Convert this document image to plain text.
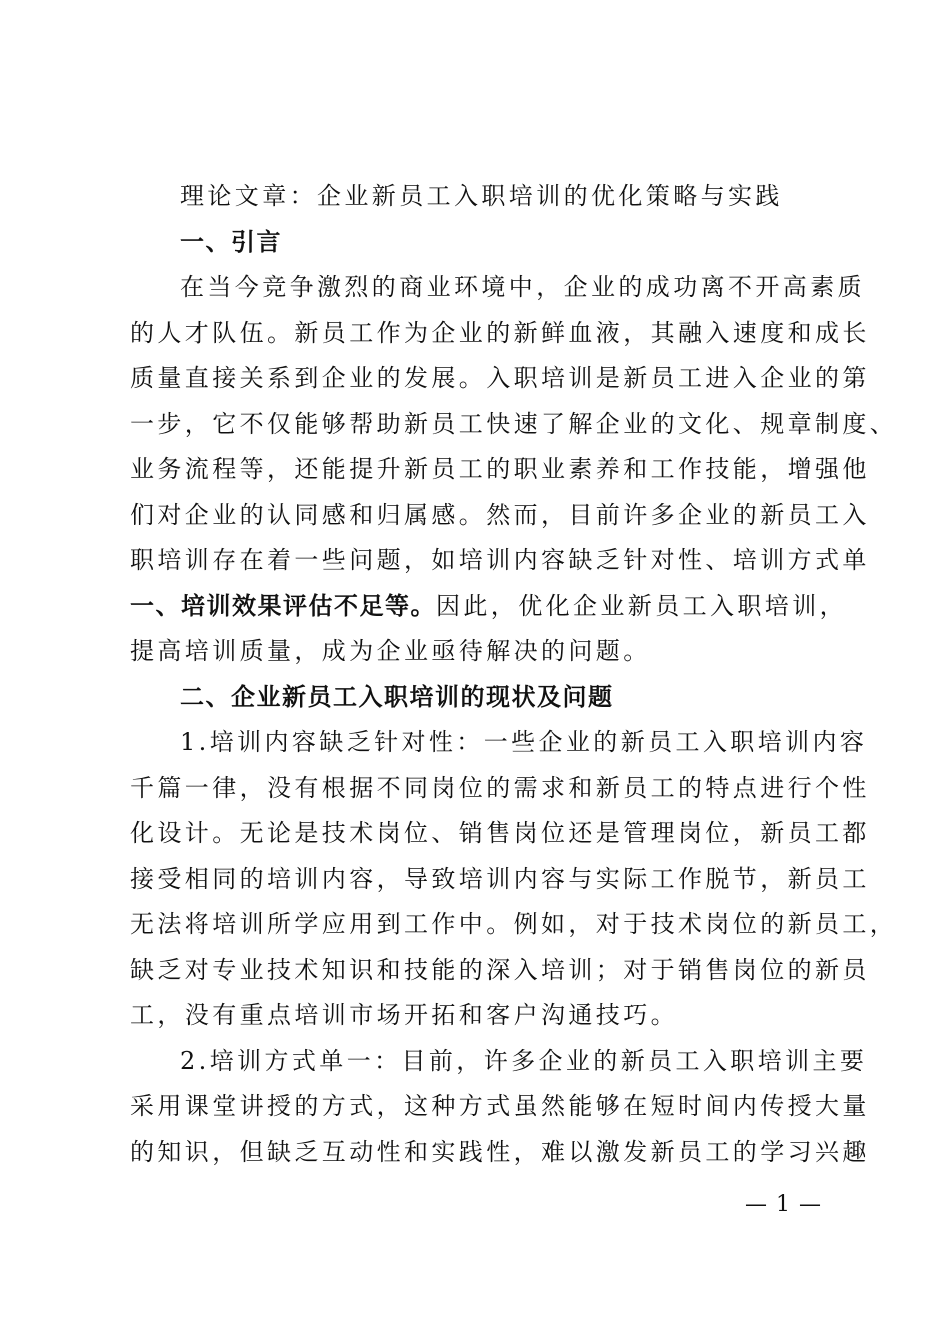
理论文章：企业新员工入职培训的优化策略与实践

一、引言

在当今竞争激烈的商业环境中，企业的成功离不开高素质
的人才队伍。新员工作为企业的新鲜血液，其融入速度和成长
质量直接关系到企业的发展。入职培训是新员工进入企业的第
一步，它不仅能够帮助新员工快速了解企业的文化、规章制度、
业务流程等，还能提升新员工的职业素养和工作技能，增强他
们对企业的认同感和归属感。然而，目前许多企业的新员工入
职培训存在着一些问题，如培训内容缺乏针对性、培训方式单
一、培训效果评估不足等。因此，优化企业新员工入职培训，
提高培训质量，成为企业亟待解决的问题。

二、企业新员工入职培训的现状及问题

1.培训内容缺乏针对性：一些企业的新员工入职培训内容
千篇一律，没有根据不同岗位的需求和新员工的特点进行个性
化设计。无论是技术岗位、销售岗位还是管理岗位，新员工都
接受相同的培训内容，导致培训内容与实际工作脱节，新员工
无法将培训所学应用到工作中。例如，对于技术岗位的新员工，
缺乏对专业技术知识和技能的深入培训；对于销售岗位的新员
工，没有重点培训市场开拓和客户沟通技巧。

2.培训方式单一：目前，许多企业的新员工入职培训主要
采用课堂讲授的方式，这种方式虽然能够在短时间内传授大量
的知识，但缺乏互动性和实践性，难以激发新员工的学习兴趣

— 1 —
